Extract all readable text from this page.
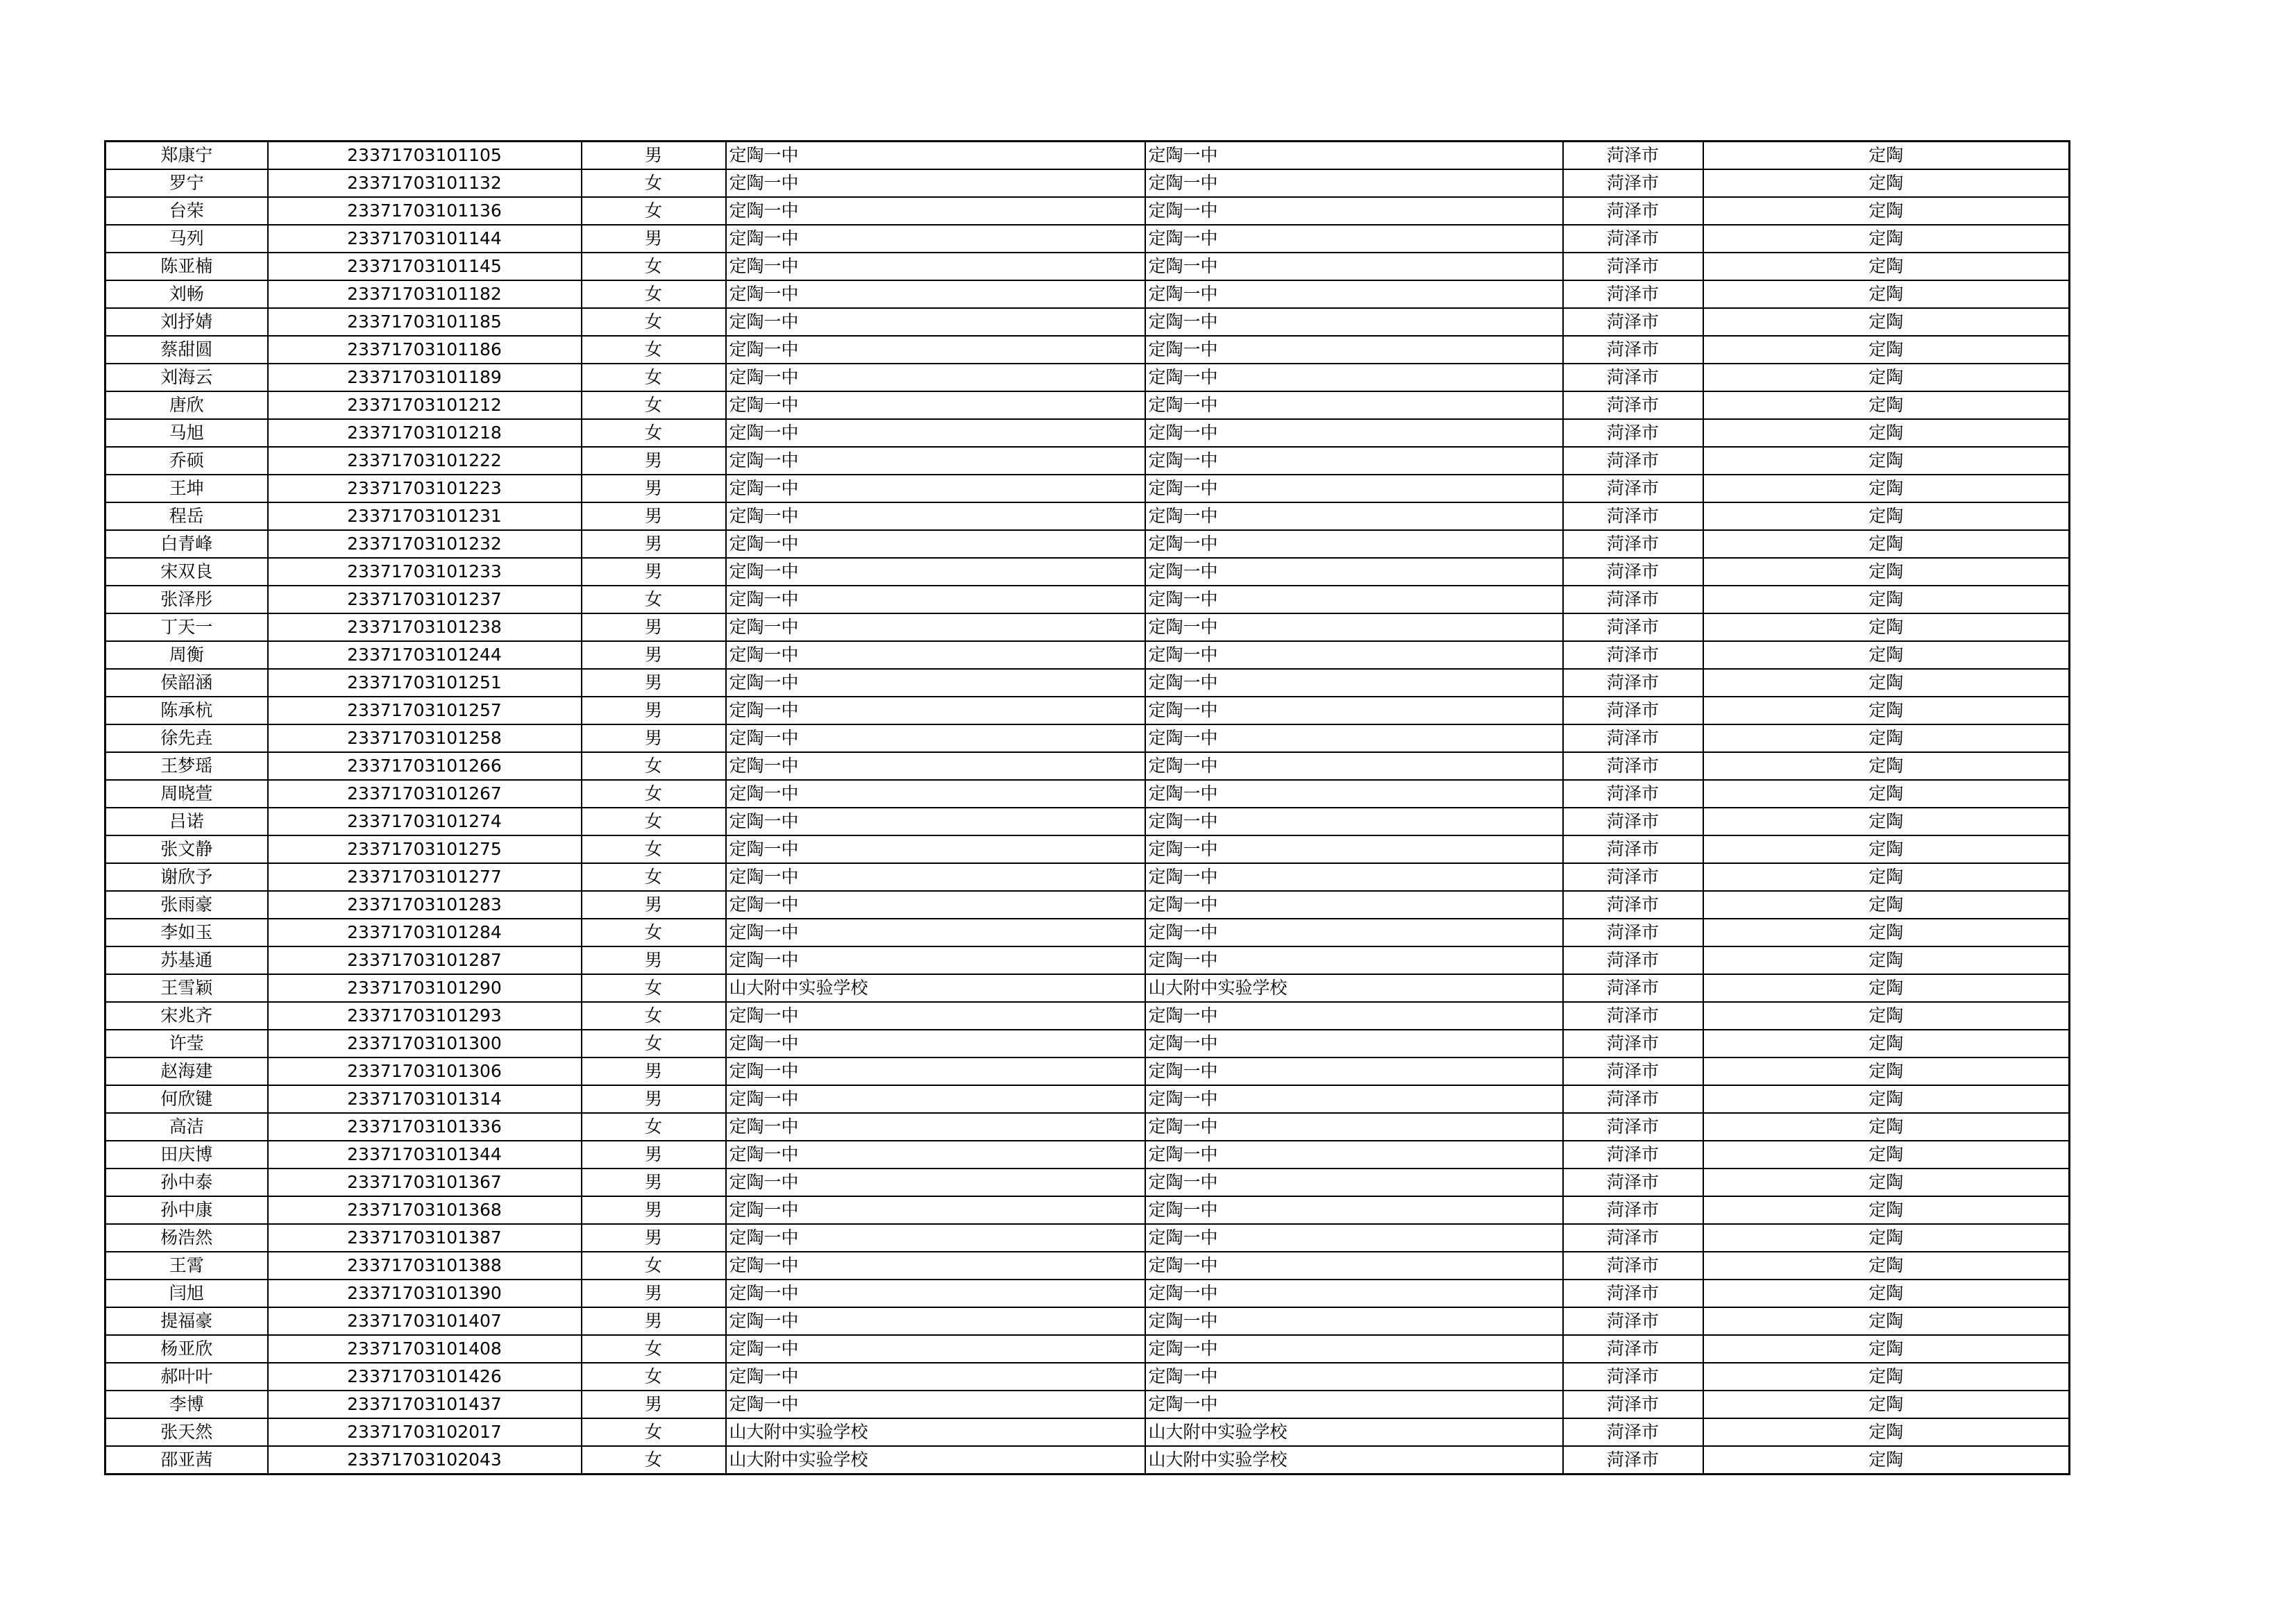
郑康宁	23371703101105	男	定陶一中	定陶一中	菏泽市	定陶
罗宁	23371703101132	女	定陶一中	定陶一中	菏泽市	定陶
台荣	23371703101136	女	定陶一中	定陶一中	菏泽市	定陶
马列	23371703101144	男	定陶一中	定陶一中	菏泽市	定陶
陈亚楠	23371703101145	女	定陶一中	定陶一中	菏泽市	定陶
刘畅	23371703101182	女	定陶一中	定陶一中	菏泽市	定陶
刘抒婧	23371703101185	女	定陶一中	定陶一中	菏泽市	定陶
蔡甜圆	23371703101186	女	定陶一中	定陶一中	菏泽市	定陶
刘海云	23371703101189	女	定陶一中	定陶一中	菏泽市	定陶
唐欣	23371703101212	女	定陶一中	定陶一中	菏泽市	定陶
马旭	23371703101218	女	定陶一中	定陶一中	菏泽市	定陶
乔硕	23371703101222	男	定陶一中	定陶一中	菏泽市	定陶
王坤	23371703101223	男	定陶一中	定陶一中	菏泽市	定陶
程岳	23371703101231	男	定陶一中	定陶一中	菏泽市	定陶
白青峰	23371703101232	男	定陶一中	定陶一中	菏泽市	定陶
宋双良	23371703101233	男	定陶一中	定陶一中	菏泽市	定陶
张泽彤	23371703101237	女	定陶一中	定陶一中	菏泽市	定陶
丁天一	23371703101238	男	定陶一中	定陶一中	菏泽市	定陶
周衡	23371703101244	男	定陶一中	定陶一中	菏泽市	定陶
侯韶涵	23371703101251	男	定陶一中	定陶一中	菏泽市	定陶
陈承杭	23371703101257	男	定陶一中	定陶一中	菏泽市	定陶
徐先垚	23371703101258	男	定陶一中	定陶一中	菏泽市	定陶
王梦瑶	23371703101266	女	定陶一中	定陶一中	菏泽市	定陶
周晓萱	23371703101267	女	定陶一中	定陶一中	菏泽市	定陶
吕诺	23371703101274	女	定陶一中	定陶一中	菏泽市	定陶
张文静	23371703101275	女	定陶一中	定陶一中	菏泽市	定陶
谢欣予	23371703101277	女	定陶一中	定陶一中	菏泽市	定陶
张雨豪	23371703101283	男	定陶一中	定陶一中	菏泽市	定陶
李如玉	23371703101284	女	定陶一中	定陶一中	菏泽市	定陶
苏基通	23371703101287	男	定陶一中	定陶一中	菏泽市	定陶
王雪颖	23371703101290	女	山大附中实验学校	山大附中实验学校	菏泽市	定陶
宋兆齐	23371703101293	女	定陶一中	定陶一中	菏泽市	定陶
许莹	23371703101300	女	定陶一中	定陶一中	菏泽市	定陶
赵海建	23371703101306	男	定陶一中	定陶一中	菏泽市	定陶
何欣键	23371703101314	男	定陶一中	定陶一中	菏泽市	定陶
高洁	23371703101336	女	定陶一中	定陶一中	菏泽市	定陶
田庆博	23371703101344	男	定陶一中	定陶一中	菏泽市	定陶
孙中泰	23371703101367	男	定陶一中	定陶一中	菏泽市	定陶
孙中康	23371703101368	男	定陶一中	定陶一中	菏泽市	定陶
杨浩然	23371703101387	男	定陶一中	定陶一中	菏泽市	定陶
王霄	23371703101388	女	定陶一中	定陶一中	菏泽市	定陶
闫旭	23371703101390	男	定陶一中	定陶一中	菏泽市	定陶
提福豪	23371703101407	男	定陶一中	定陶一中	菏泽市	定陶
杨亚欣	23371703101408	女	定陶一中	定陶一中	菏泽市	定陶
郝叶叶	23371703101426	女	定陶一中	定陶一中	菏泽市	定陶
李博	23371703101437	男	定陶一中	定陶一中	菏泽市	定陶
张天然	23371703102017	女	山大附中实验学校	山大附中实验学校	菏泽市	定陶
邵亚茜	23371703102043	女	山大附中实验学校	山大附中实验学校	菏泽市	定陶
